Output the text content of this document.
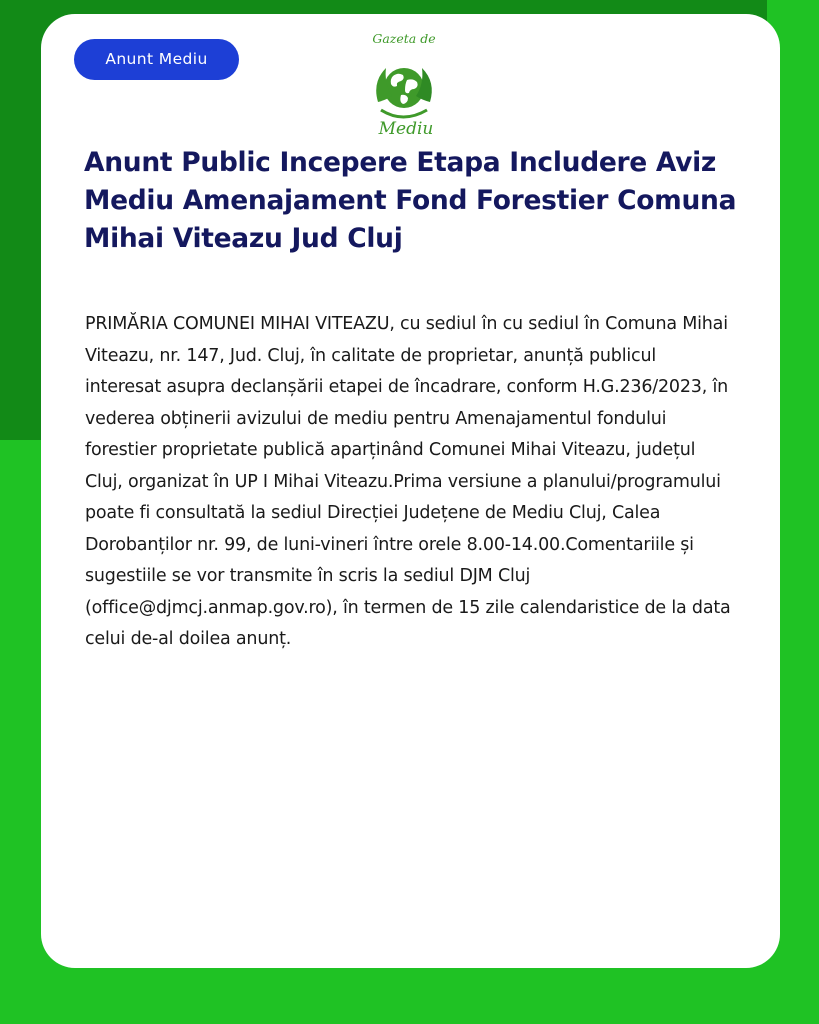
Anunt Mediu
Gazeta de
Mediu
Anunt Public Incepere Etapa Includere Aviz Mediu Amenajament Fond Forestier Comuna Mihai Viteazu Jud Cluj

PRIMĂRIA COMUNEI MIHAI VITEAZU, cu sediul în cu sediul în Comuna Mihai Viteazu, nr. 147, Jud. Cluj, în calitate de proprietar, anunță publicul interesat asupra declanșării etapei de încadrare, conform H.G.236/2023, în vederea obținerii avizului de mediu pentru Amenajamentul fondului forestier proprietate publică aparținând Comunei Mihai Viteazu, județul Cluj, organizat în UP I Mihai Viteazu.Prima versiune a planului/programului poate fi consultată la sediul Direcției Județene de Mediu Cluj, Calea Dorobanților nr. 99, de luni-vineri între orele 8.00-14.00.Comentariile și sugestiile se vor transmite în scris la sediul DJM Cluj (office@djmcj.anmap.gov.ro), în termen de 15 zile calendaristice de la data celui de-al doilea anunț.
